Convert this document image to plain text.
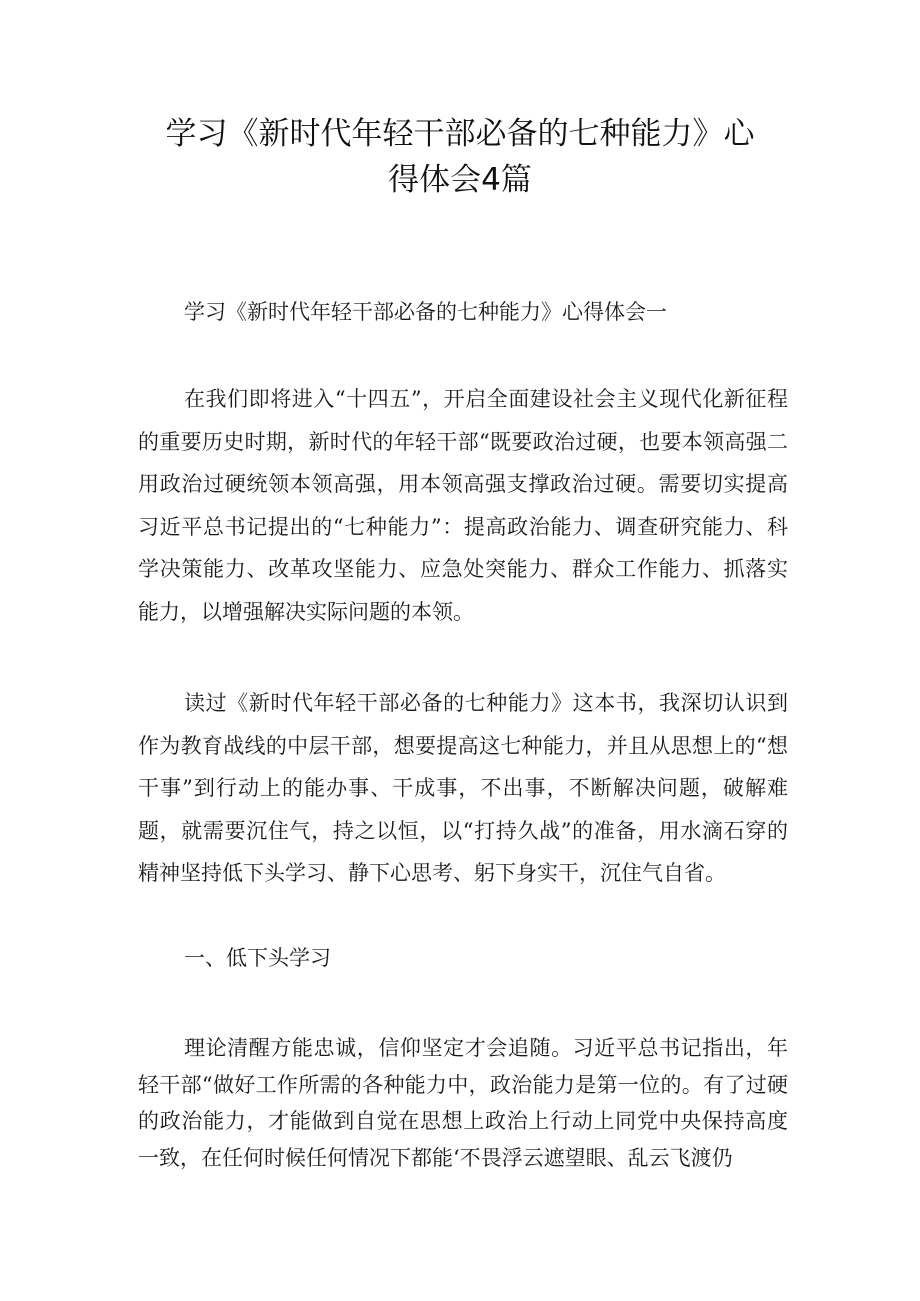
学习《新时代年轻干部必备的七种能力》心
得体会4篇

学习《新时代年轻干部必备的七种能力》心得体会一

在我们即将进入“十四五”，开启全面建设社会主义现代化新征程的重要历史时期，新时代的年轻干部“既要政治过硬，也要本领高强二用政治过硬统领本领高强，用本领高强支撑政治过硬。需要切实提高习近平总书记提出的“七种能力”：提高政治能力、调查研究能力、科学决策能力、改革攻坚能力、应急处突能力、群众工作能力、抓落实能力，以增强解决实际问题的本领。

读过《新时代年轻干部必备的七种能力》这本书，我深切认识到作为教育战线的中层干部，想要提高这七种能力，并且从思想上的“想干事”到行动上的能办事、干成事，不出事，不断解决问题，破解难题，就需要沉住气，持之以恒，以“打持久战”的准备，用水滴石穿的精神坚持低下头学习、静下心思考、躬下身实干，沉住气自省。

一、低下头学习

理论清醒方能忠诚，信仰坚定才会追随。习近平总书记指出，年轻干部“做好工作所需的各种能力中，政治能力是第一位的。有了过硬的政治能力，才能做到自觉在思想上政治上行动上同党中央保持高度一致，在任何时候任何情况下都能‘不畏浮云遮望眼、乱云飞渡仍
